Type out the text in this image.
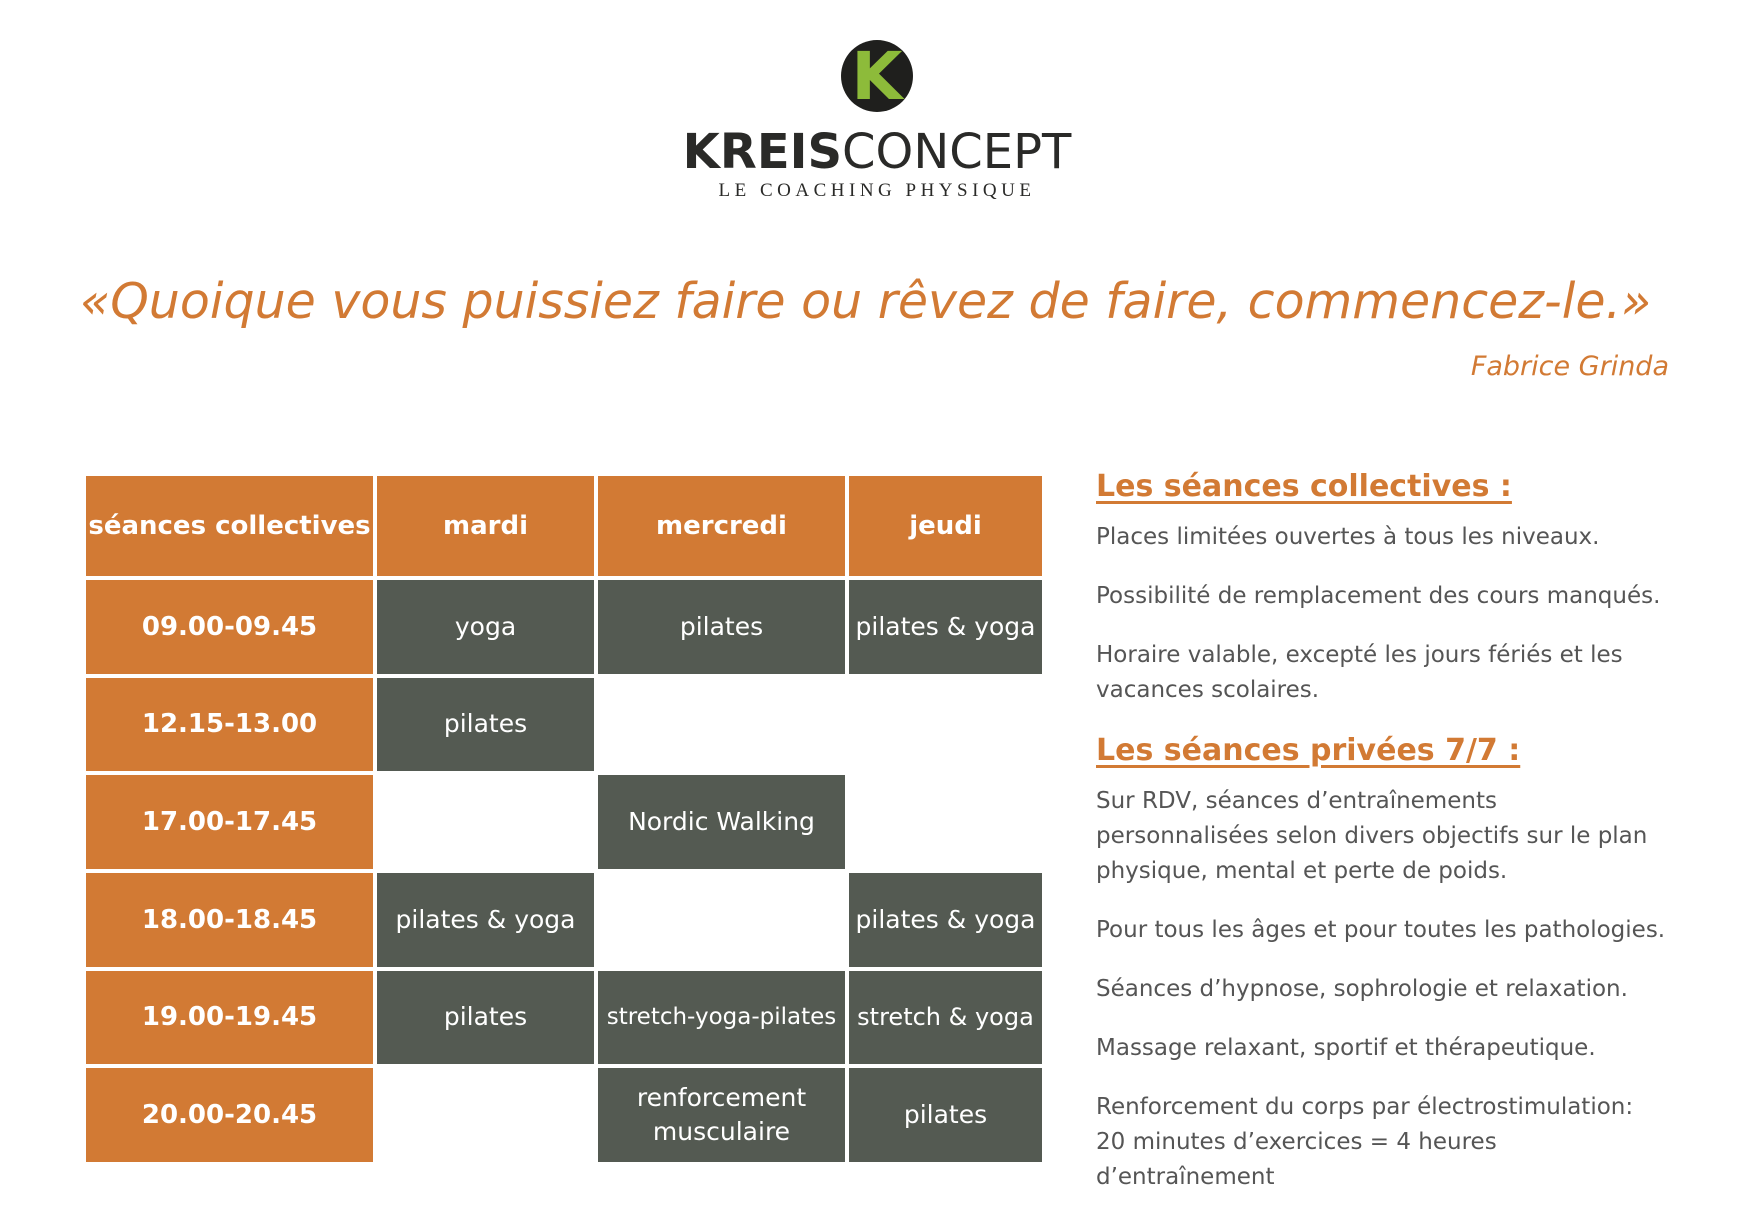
K
KREISCONCEPT
LE COACHING PHYSIQUE
«Quoique vous puissiez faire ou rêvez de faire, commencez-le.»
Fabrice Grinda
séances collectives	mardi	mercredi	jeudi
09.00-09.45	yoga	pilates	pilates & yoga
12.15-13.00	pilates		
17.00-17.45		Nordic Walking	
18.00-18.45	pilates & yoga		pilates & yoga
19.00-19.45	pilates	stretch-yoga-pilates	stretch & yoga
20.00-20.45		renforcement musculaire	pilates
Les séances collectives :

Places limitées ouvertes à tous les niveaux.

Possibilité de remplacement des cours manqués.

Horaire valable, excepté les jours fériés et les vacances scolaires.

Les séances privées 7/7 :

Sur RDV, séances d’entraînements personnalisées selon divers objectifs sur le plan physique, mental et perte de poids.

Pour tous les âges et pour toutes les pathologies.

Séances d’hypnose, sophrologie et relaxation.

Massage relaxant, sportif et thérapeutique.

Renforcement du corps par électrostimulation: 20 minutes d’exercices = 4 heures d’entraînement
